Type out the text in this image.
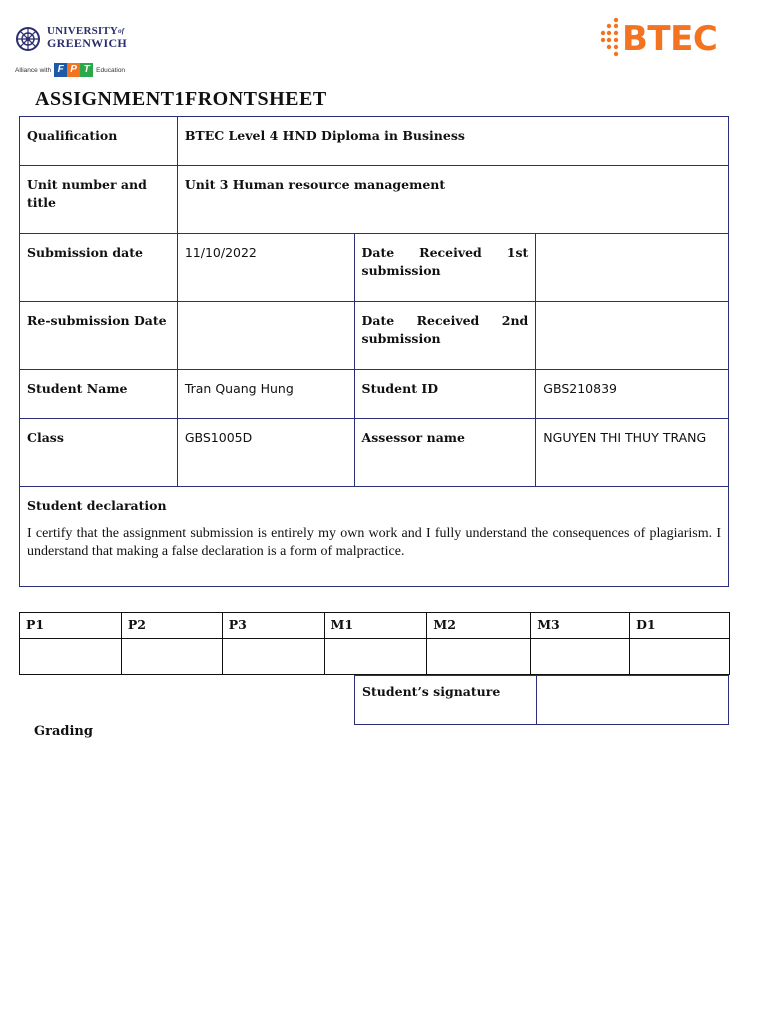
$UNIVERSITY^{of}$
GREENWICH
Alliance with F P T Education
BTEC
ASSIGNMENT1FRONTSHEET
Qualification	BTEC Level 4 HND Diploma in Business		
Unit number and title	Unit 3 Human resource management		
Submission date	11/10/2022	Date Received 1st submission	

Re-submission Date		Date Received 2nd submission	

Student Name	Tran Quang Hung	Student ID	GBS210839
Class	GBS1005D	Assessor name	NGUYEN THI THUY TRANG

Student declaration
I certify that the assignment submission is entirely my own work and I fully understand the consequences of plagiarism. I understand that making a false declaration is a form of malpractice.			
P1	P2	P3	M1	M2	M3	D1

Student’s signature	
Grading
